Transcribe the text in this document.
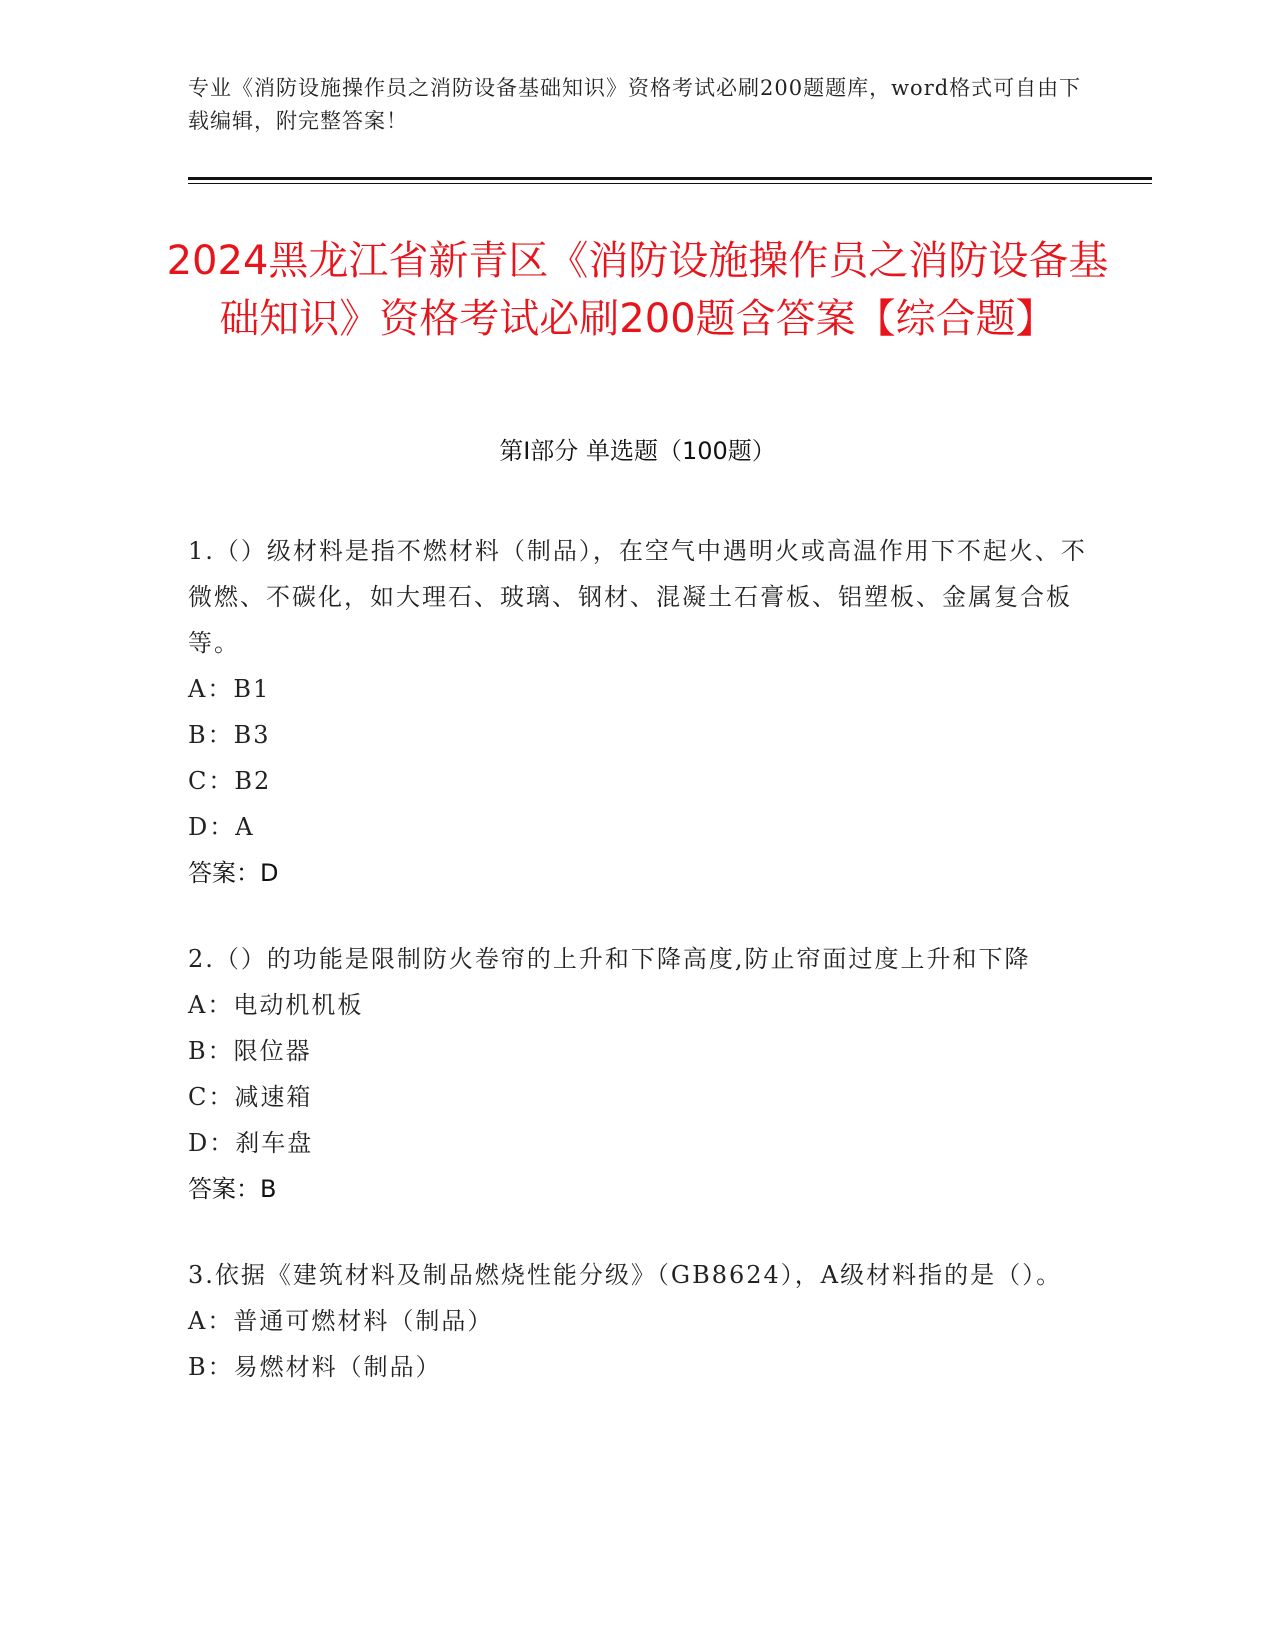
专业《消防设施操作员之消防设备基础知识》资格考试必刷200题题库，word格式可自由下载编辑，附完整答案！
2024黑龙江省新青区《消防设施操作员之消防设备基础知识》资格考试必刷200题含答案【综合题】
第Ⅰ部分 单选题（100题）
1.（）级材料是指不燃材料（制品），在空气中遇明火或高温作用下不起火、不微燃、不碳化，如大理石、玻璃、钢材、混凝土石膏板、铝塑板、金属复合板等。
A：B1
B：B3
C：B2
D：A
答案：D
2.（）的功能是限制防火卷帘的上升和下降高度,防止帘面过度上升和下降
A：电动机机板
B：限位器
C：减速箱
D：刹车盘
答案：B
3.依据《建筑材料及制品燃烧性能分级》（GB8624），A级材料指的是（）。
A：普通可燃材料（制品）
B：易燃材料（制品）
